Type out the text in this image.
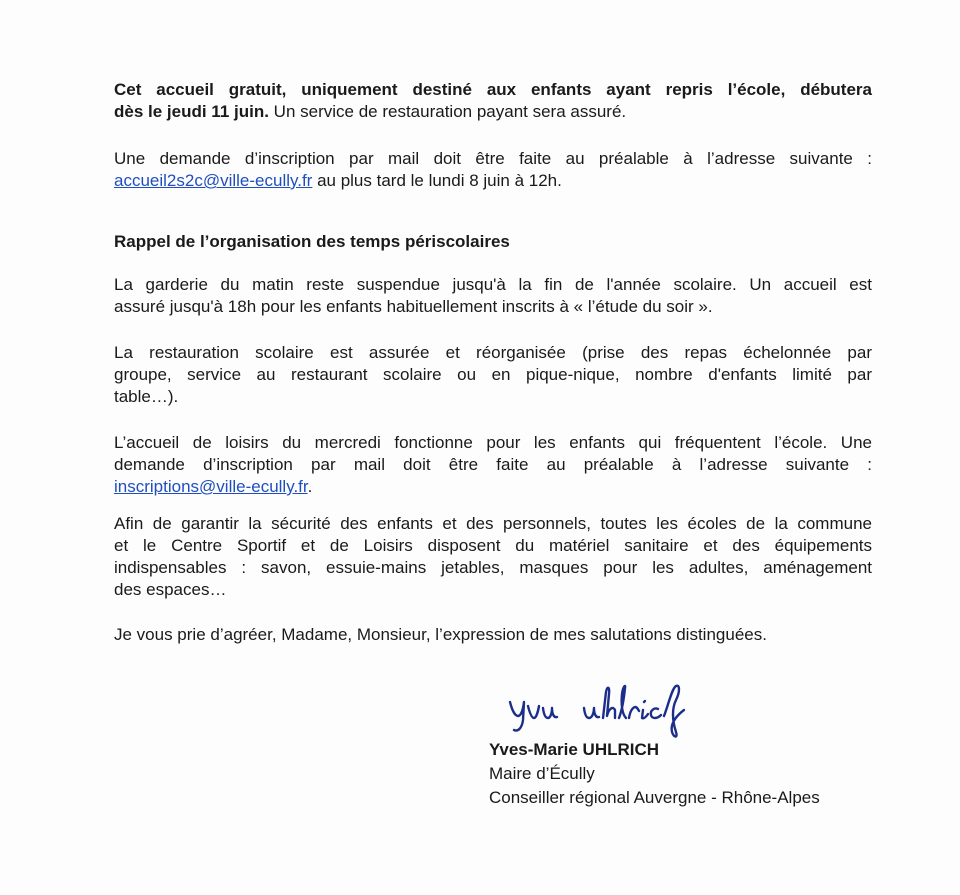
Cet accueil gratuit, uniquement destiné aux enfants ayant repris l’école, débutera
dès le jeudi 11 juin. Un service de restauration payant sera assuré.

Une demande d’inscription par mail doit être faite au préalable à l’adresse suivante :
accueil2s2c@ville-ecully.fr au plus tard le lundi 8 juin à 12h.

Rappel de l’organisation des temps périscolaires

La garderie du matin reste suspendue jusqu'à la fin de l'année scolaire. Un accueil est
assuré jusqu'à 18h pour les enfants habituellement inscrits à « l’étude du soir ».

La restauration scolaire est assurée et réorganisée (prise des repas échelonnée par
groupe, service au restaurant scolaire ou en pique-nique, nombre d'enfants limité par
table…).

L’accueil de loisirs du mercredi fonctionne pour les enfants qui fréquentent l’école. Une
demande d’inscription par mail doit être faite au préalable à l’adresse suivante :
inscriptions@ville-ecully.fr.

Afin de garantir la sécurité des enfants et des personnels, toutes les écoles de la commune
et le Centre Sportif et de Loisirs disposent du matériel sanitaire et des équipements
indispensables : savon, essuie-mains jetables, masques pour les adultes, aménagement
des espaces…

Je vous prie d’agréer, Madame, Monsieur, l’expression de mes salutations distinguées.

Yves-Marie UHLRICH
Maire d’Écully
Conseiller régional Auvergne - Rhône-Alpes
